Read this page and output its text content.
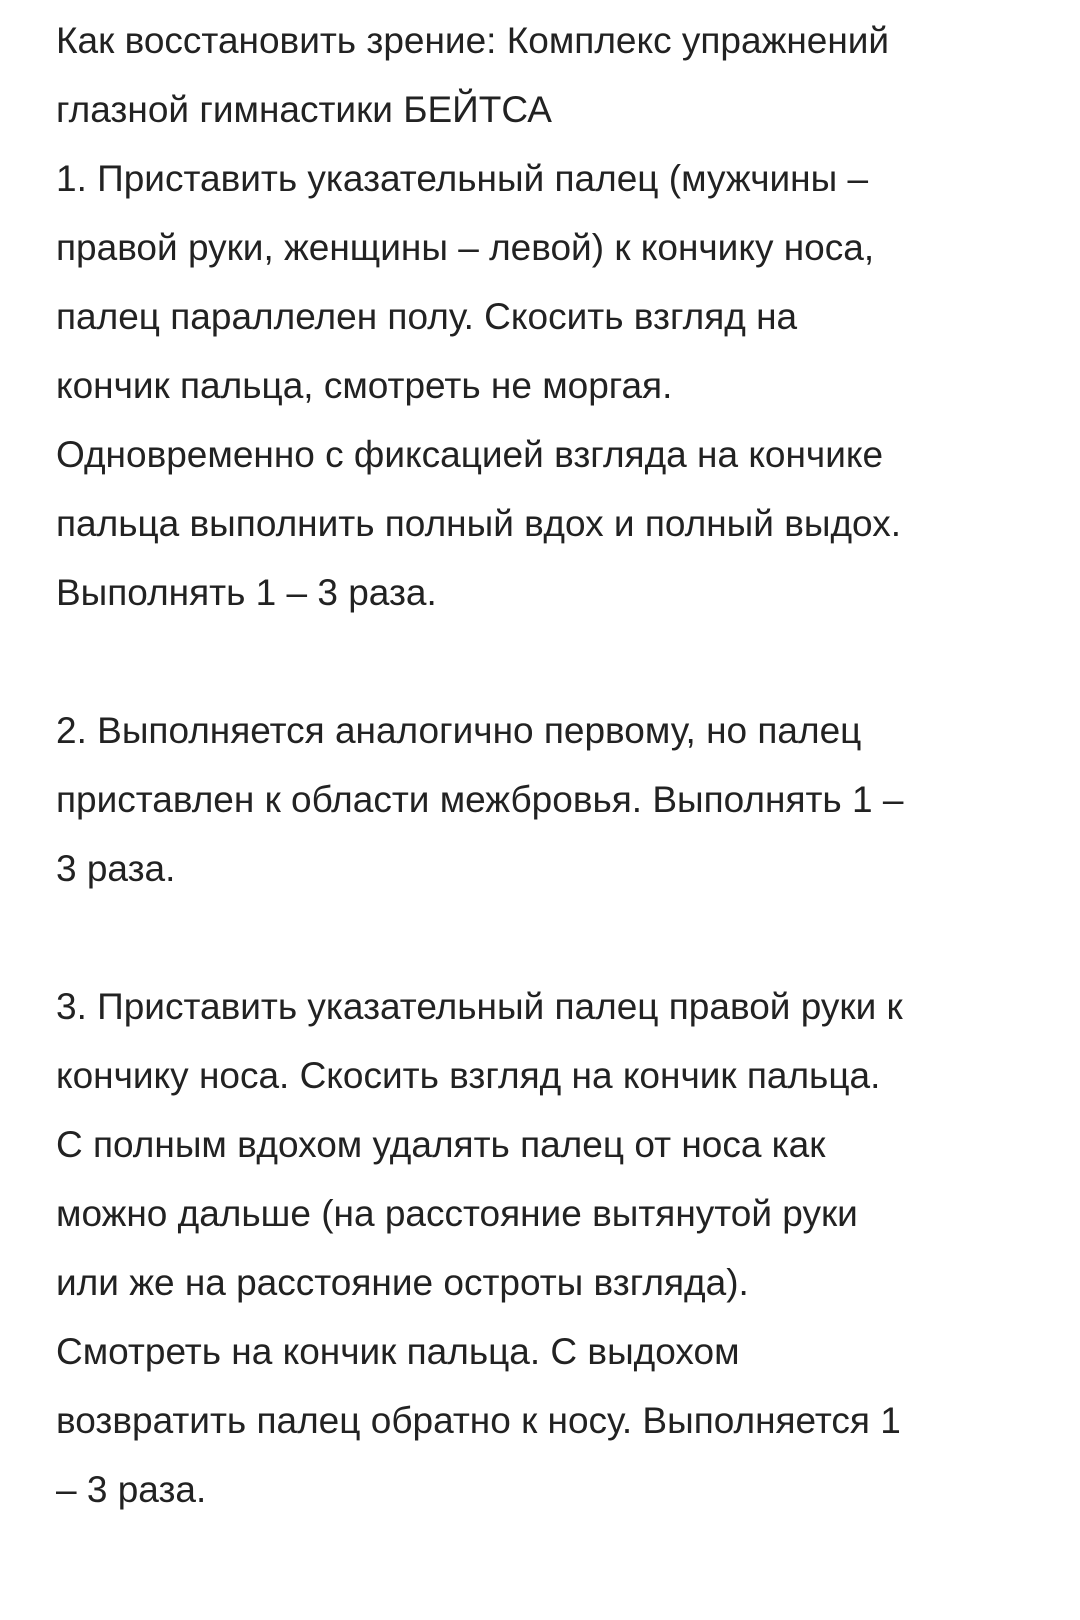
Как восстановить зрение: Комплекс упражнений
глазной гимнастики БЕЙТСА
1. Приставить указательный палец (мужчины –
правой руки, женщины – левой) к кончику носа,
палец параллелен полу. Скосить взгляд на
кончик пальца, смотреть не моргая.
Одновременно с фиксацией взгляда на кончике
пальца выполнить полный вдох и полный выдох.
Выполнять 1 – 3 раза.
2. Выполняется аналогично первому, но палец
приставлен к области межбровья. Выполнять 1 –
3 раза.
3. Приставить указательный палец правой руки к
кончику носа. Скосить взгляд на кончик пальца.
С полным вдохом удалять палец от носа как
можно дальше (на расстояние вытянутой руки
или же на расстояние остроты взгляда).
Смотреть на кончик пальца. С выдохом
возвратить палец обратно к носу. Выполняется 1
– 3 раза.
